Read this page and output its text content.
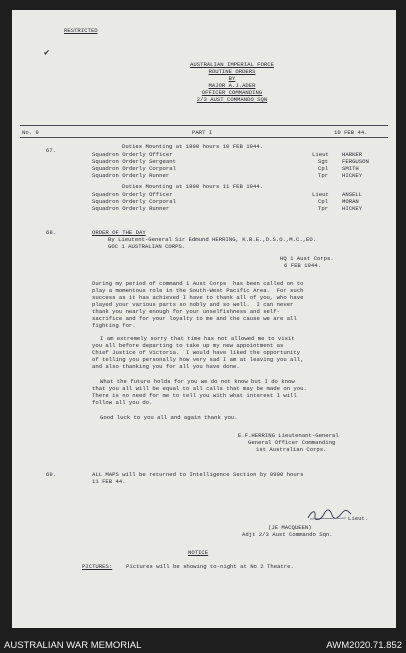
✔
RESTRICTED
AUSTRALIAN IMPERIAL FORCE
ROUTINE ORDERS
BY
MAJOR A.J.ADER
OFFICER COMMANDING
2/3 AUST COMMANDO SQN
No. 9	PART I	10 FEB 44.
67.
Duties Mounting at 1800 hours 10 FEB 1944.
Squadron Orderly Officer	Lieut HARKER
Squadron Orderly Sergeant	Sgt FERGUSON
Squadron Orderly Corporal	Cpl SMITH
Squadron Orderly Runner	Tpr HICKEY
Duties Mounting at 1800 hours 11 FEB 1944.
Squadron Orderly Officer	Lieut ANSELL
Squadron Orderly Corporal	Cpl MORAN
Squadron Orderly Runner	Tpr HICKEY
68.	ORDER OF THE DAY
By Lieutent-General Sir Edmund HERRING, K.B.E.,D.S.O.,M.C.,ED.
GOC 1 AUSTRALIAN CORPS.
HQ 1 Aust Corps.
6 FEB 1944.
During my period of command 1 Aust Corps  has been called on to
play a momentous role in the South-West Pacific Area.  For such
success as it has achieved I have to thank all of you, who have
played your various parts so nobly and so well.  I can never
thank you nearly enough for your unselfishness and self-
sacrifice and for your loyalty to me and the cause we are all
fighting for.
I am extremely sorry that time has not allowed me to visit
you all before departing to take up my new appointment as
Chief Justice of Victoria.  I would have liked the opportunity
of telling you personally how very sad I am at leaving you all,
and also thanking you for all you have done.
What the future holds for you we do not know but I do know
that you all will be equal to all calls that may be made on you.
There is no need for me to tell you with what interest I will
follow all you do.
Good luck to you all and again thank you.
E.F.HERRING Lieutenant-General
General Officer Commanding
1st Australian Corps.
69.	ALL MAPS will be returned to Intelligence Section by 0900 hours
11 FEB 44.
Lieut.
(JE MACQUEEN)
Adjt 2/3 Aust Commando Sqn.
NOTICE
PICTURES: Pictures will be showing to-night at No 2 Theatre.
AUSTRALIAN WAR MEMORIAL	AWM2020.71.852
